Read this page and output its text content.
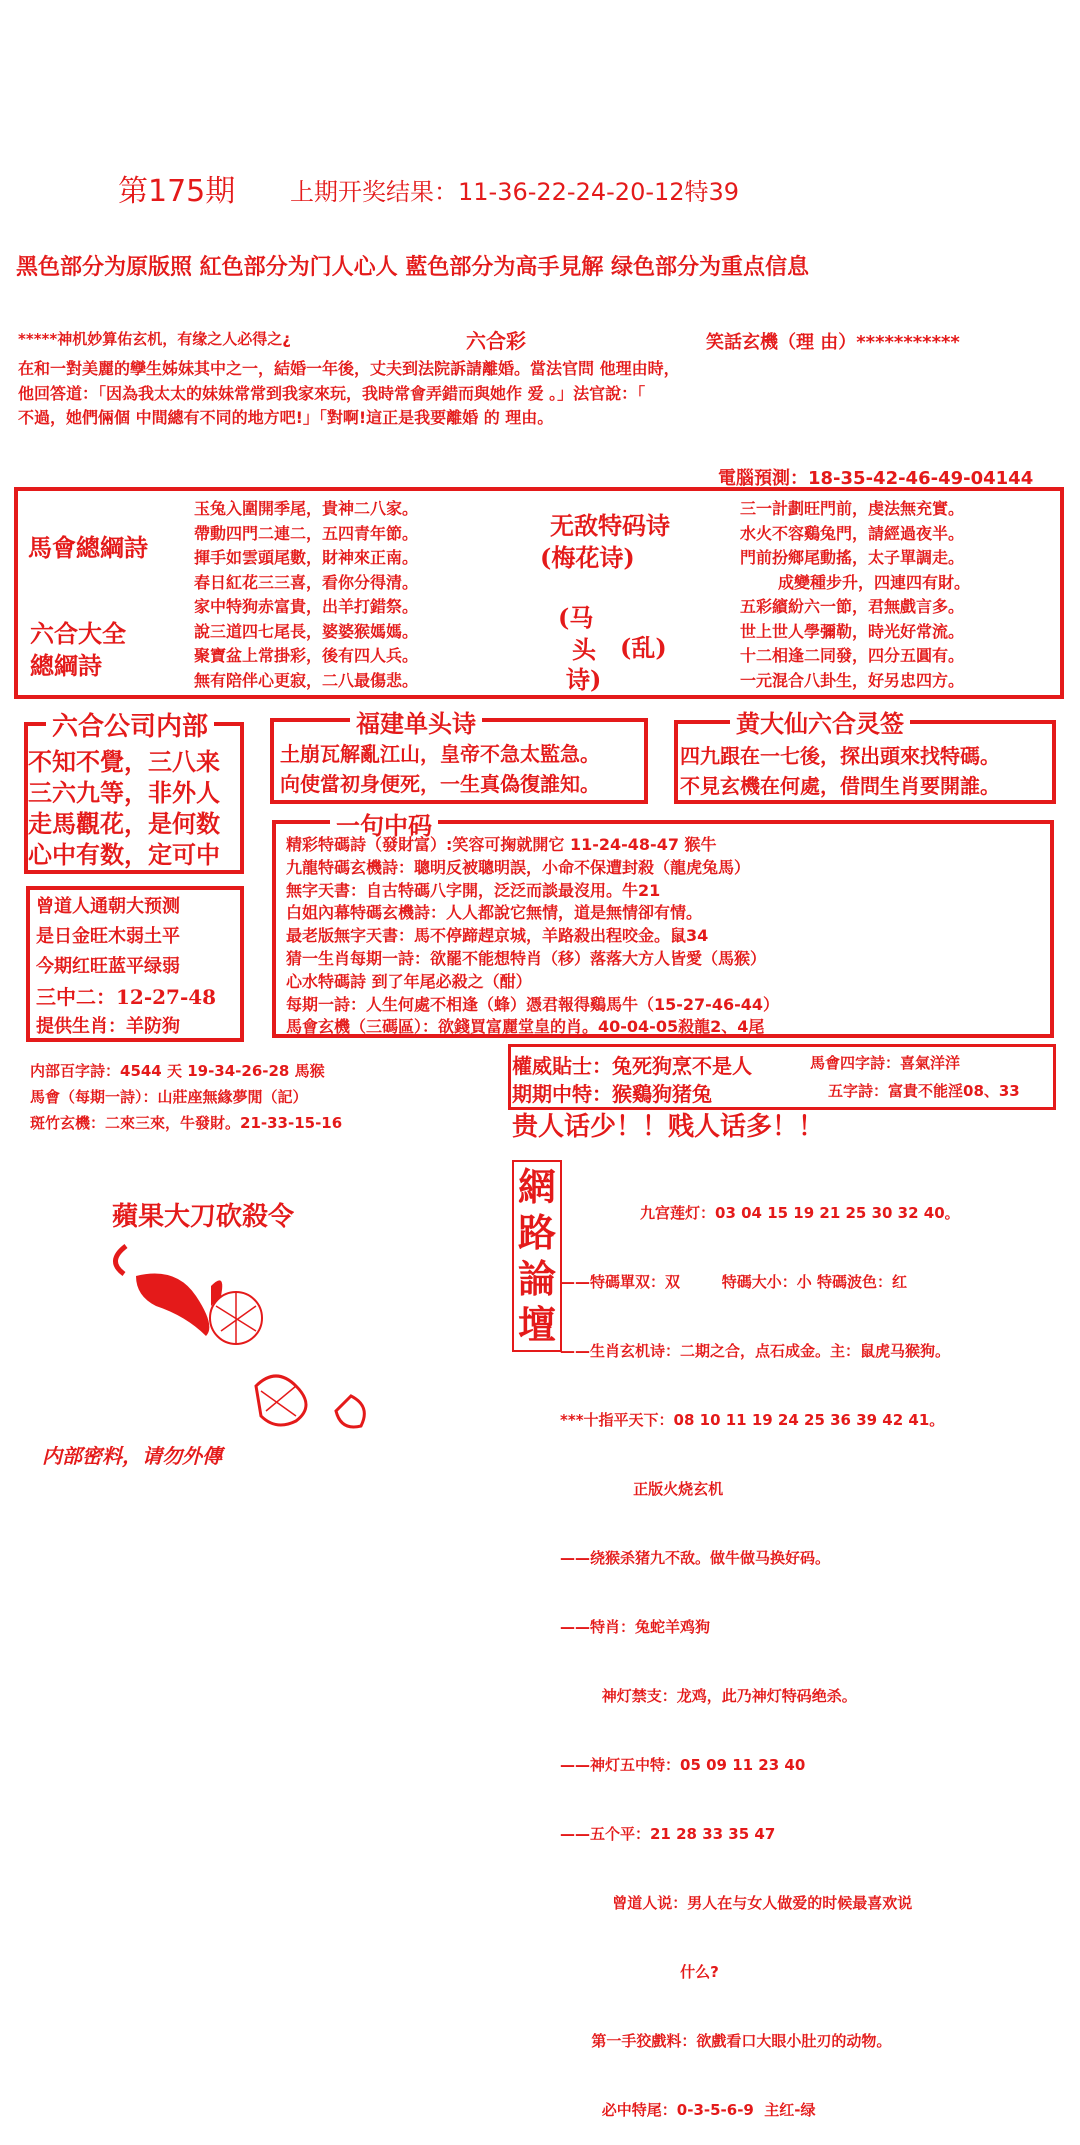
第175期 上期开奖结果：11-36-22-24-20-12特39
黑色部分为原版照 紅色部分为门人心人 藍色部分为高手見解 绿色部分为重点信息
*****神机妙算佑玄机，有缘之人必得之¿	六合彩	笑話玄機（理 由）***********
在和一對美麗的孿生姊妹其中之一，結婚一年後，丈夫到法院訴請離婚。當法官問 他理由時，
他回答道：「因為我太太的妹妹常常到我家來玩，我時常會弄錯而與她作 爱 。」法官說：「
不過，她們倆個 中間總有不同的地方吧!」「對啊!這正是我要離婚 的 理由。
電腦預測：18-35-42-46-49-04144
馬會總綱詩
六合大全
總綱詩
玉兔入圍開季尾，貴神二八家。
帶動四門二連二，五四青年節。
揮手如雲頭尾數，財神來正南。
春日紅花三三喜，看你分得清。
家中特狗赤富貴，出羊打錯祭。
說三道四七尾長，婆婆猴媽媽。
聚寶盆上常掛彩，後有四人兵。
無有陪伴心更寂，二八最傷悲。
无敌特码诗
(梅花诗)
(马
头 (乱)
诗)
三一計劃旺門前，虔法無充實。
水火不容鷄兔門，請經過夜半。
門前扮鄉尾動搖，太子單調走。
成變種步升，四連四有財。
五彩繽紛六一節，君無戲言多。
世上世人學彌勒，時光好常流。
十二相逢二同發，四分五圓有。
一元混合八卦生，好另忠四方。
六合公司内部
不知不覺，三八来
三六九等，非外人
走馬觀花，是何数
心中有数，定可中
福建单头诗
土崩瓦解亂江山，皇帝不急太監急。
向使當初身便死，一生真偽復誰知。
黄大仙六合灵签
四九跟在一七後，探出頭來找特碼。
不見玄機在何處，借問生肖要開誰。
曾道人通朝大预测
是日金旺木弱土平
今期红旺蓝平绿弱
三中二：12-27-48
提供生肖：羊防狗
一句中码
精彩特碼詩（發財富）:笑容可掬就開它 11-24-48-47 猴牛
九龍特碼玄機詩：聰明反被聰明誤，小命不保遭封殺（龍虎兔馬）
無字天書：自古特碼八字開，泛泛而談最沒用。牛21
白姐內幕特碼玄機詩：人人都說它無情，道是無情卻有情。
最老版無字天書：馬不停蹄趕京城，羊路殺出程咬金。鼠34
猜一生肖每期一詩：欲罷不能想特肖（移）落落大方人皆愛（馬猴）
心水特碼詩 到了年尾必殺之（酣）
每期一詩：人生何處不相逢（蜂）憑君報得鷄馬牛（15-27-46-44）
馬會玄機（三碼區）：欲錢買富麗堂皇的肖。40-04-05殺龍2、4尾
内部百字詩：4544 天 19-34-26-28 馬猴
馬會（每期一詩）：山莊座無緣夢閒（記）
斑竹玄機：二來三來，牛發財。21-33-15-16
權威貼士：兔死狗烹不是人	馬會四字詩：喜氣洋洋
期期中特：猴鷄狗猪兔	五字詩：富貴不能淫08、33
贵人话少！！贱人话多！！
蘋果大刀砍殺令
内部密料，请勿外傳
網
路
論
壇

九宫莲灯：03 04 15 19 21 25 30 32 40。

——特碼單双：双        特碼大小：小 特碼波色：红

——生肖玄机诗：二期之合，点石成金。主：鼠虎马猴狗。

***十指平天下：08 10 11 19 24 25 36 39 42 41。

正版火烧玄机

——绕猴杀猪九不敌。做牛做马换好码。

——特肖：兔蛇羊鸡狗

神灯禁支：龙鸡，此乃神灯特码绝杀。

——神灯五中特：05 09 11 23 40

——五个平：21 28 33 35 47

曾道人说：男人在与女人做爱的时候最喜欢说

什么?

第一手狡戲料：欲戲看口大眼小肚刃的动物。

必中特尾：0-3-5-6-9  主红-绿
